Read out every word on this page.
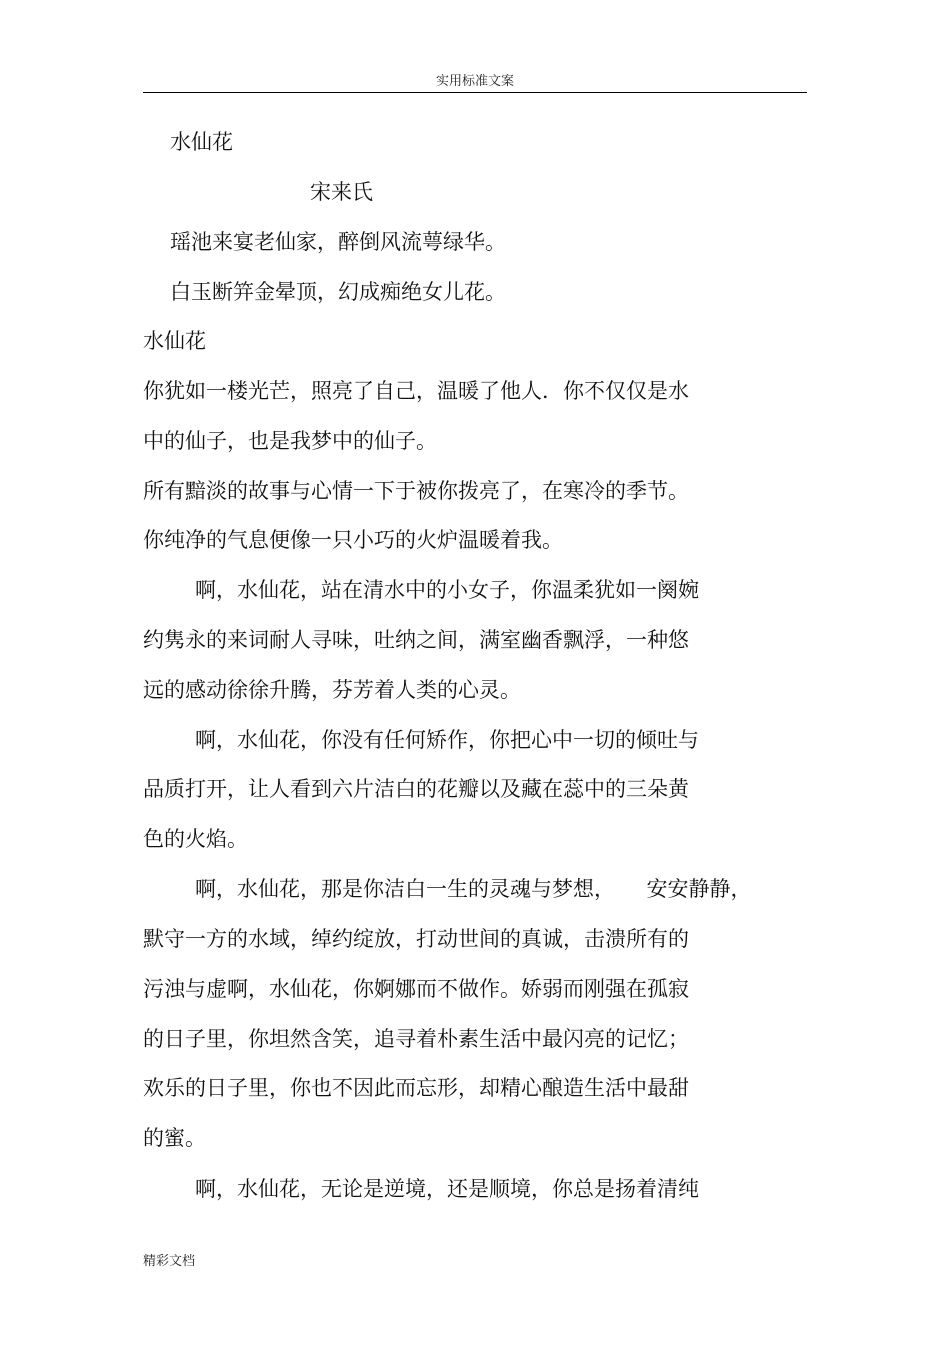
实用标准文案
水仙花
宋来氏
瑶池来宴老仙家，醉倒风流萼绿华。
白玉断笄金晕顶，幻成痴绝女儿花。
水仙花
你犹如一楼光芒，照亮了自己，温暖了他人．你不仅仅是水
中的仙子，也是我梦中的仙子。
所有黯淡的故事与心情一下于被你拨亮了，在寒冷的季节。
你纯净的气息便像一只小巧的火炉温暖着我。
啊，水仙花，站在清水中的小女子，你温柔犹如一阕婉
约隽永的来词耐人寻味，吐纳之间，满室幽香飘浮，一种悠
远的感动徐徐升腾，芬芳着人类的心灵。
啊，水仙花，你没有任何矫作，你把心中一切的倾吐与
品质打开，让人看到六片洁白的花瓣以及藏在蕊中的三朵黄
色的火焰。
啊，水仙花，那是你洁白一生的灵魂与梦想，　　安安静静，
默守一方的水域，绰约绽放，打动世间的真诚，击溃所有的
污浊与虚啊，水仙花，你婀娜而不做作。娇弱而刚强在孤寂
的日子里，你坦然含笑，追寻着朴素生活中最闪亮的记忆；
欢乐的日子里，你也不因此而忘形，却精心酿造生活中最甜
的蜜。
啊，水仙花，无论是逆境，还是顺境，你总是扬着清纯
精彩文档
